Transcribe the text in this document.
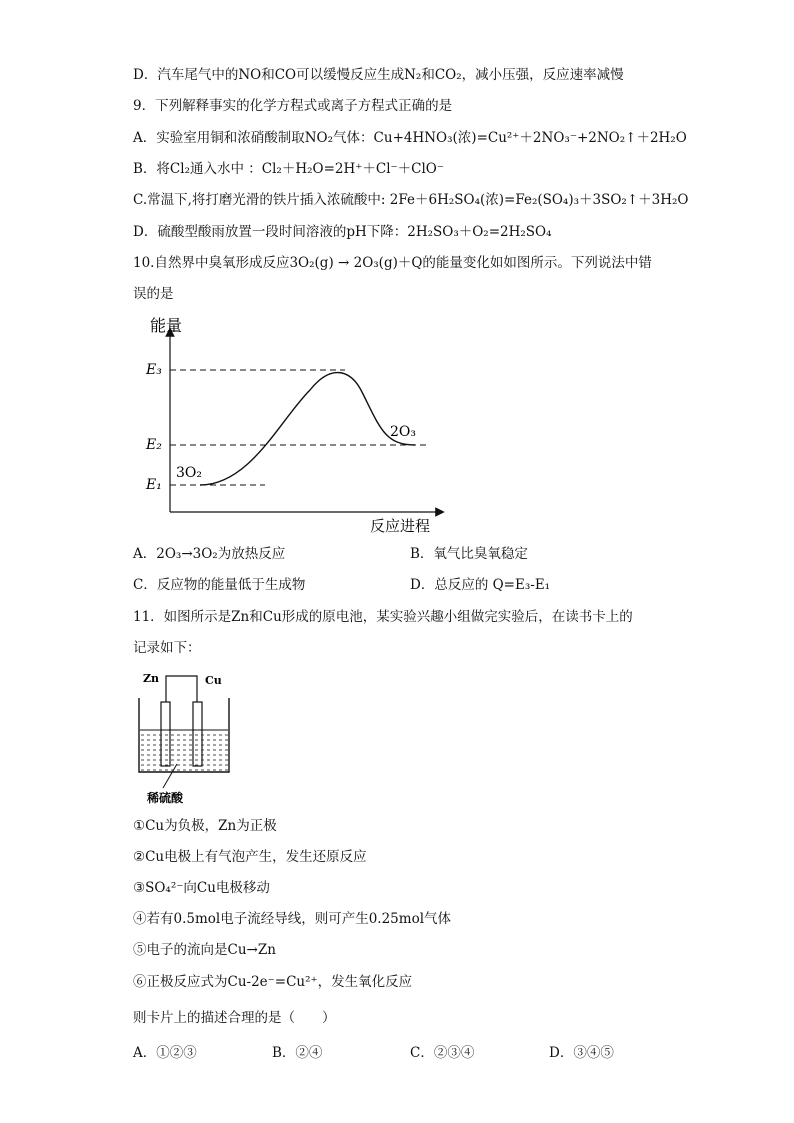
D．汽车尾气中的NO和CO可以缓慢反应生成N₂和CO₂，减小压强，反应速率减慢
9．下列解释事实的化学方程式或离子方程式正确的是
A．实验室用铜和浓硝酸制取NO₂气体：Cu+4HNO₃(浓)=Cu²⁺＋2NO₃⁻+2NO₂↑＋2H₂O
B．将Cl₂通入水中 ：Cl₂＋H₂O=2H⁺＋Cl⁻＋ClO⁻
C.常温下,将打磨光滑的铁片插入浓硫酸中: 2Fe＋6H₂SO₄(浓)=Fe₂(SO₄)₃＋3SO₂↑＋3H₂O
D．硫酸型酸雨放置一段时间溶液的pH下降：2H₂SO₃＋O₂=2H₂SO₄
10.自然界中臭氧形成反应3O₂(g) → 2O₃(g)＋Q的能量变化如如图所示。下列说法中错
误的是
能量
反应进程
E₃
E₂
E₁
3O₂
2O₃
A．2O₃→3O₂为放热反应	B．氧气比臭氧稳定
C．反应物的能量低于生成物	D．总反应的 Q=E₃-E₁
11．如图所示是Zn和Cu形成的原电池，某实验兴趣小组做完实验后，在读书卡上的
记录如下：
Zn	Cu
稀硫酸
①Cu为负极，Zn为正极
②Cu电极上有气泡产生，发生还原反应
③SO₄²⁻向Cu电极移动
④若有0.5mol电子流经导线，则可产生0.25mol气体
⑤电子的流向是Cu→Zn
⑥正极反应式为Cu-2e⁻=Cu²⁺，发生氧化反应
则卡片上的描述合理的是（　　）
A．①②③	B．②④	C．②③④	D．③④⑤
